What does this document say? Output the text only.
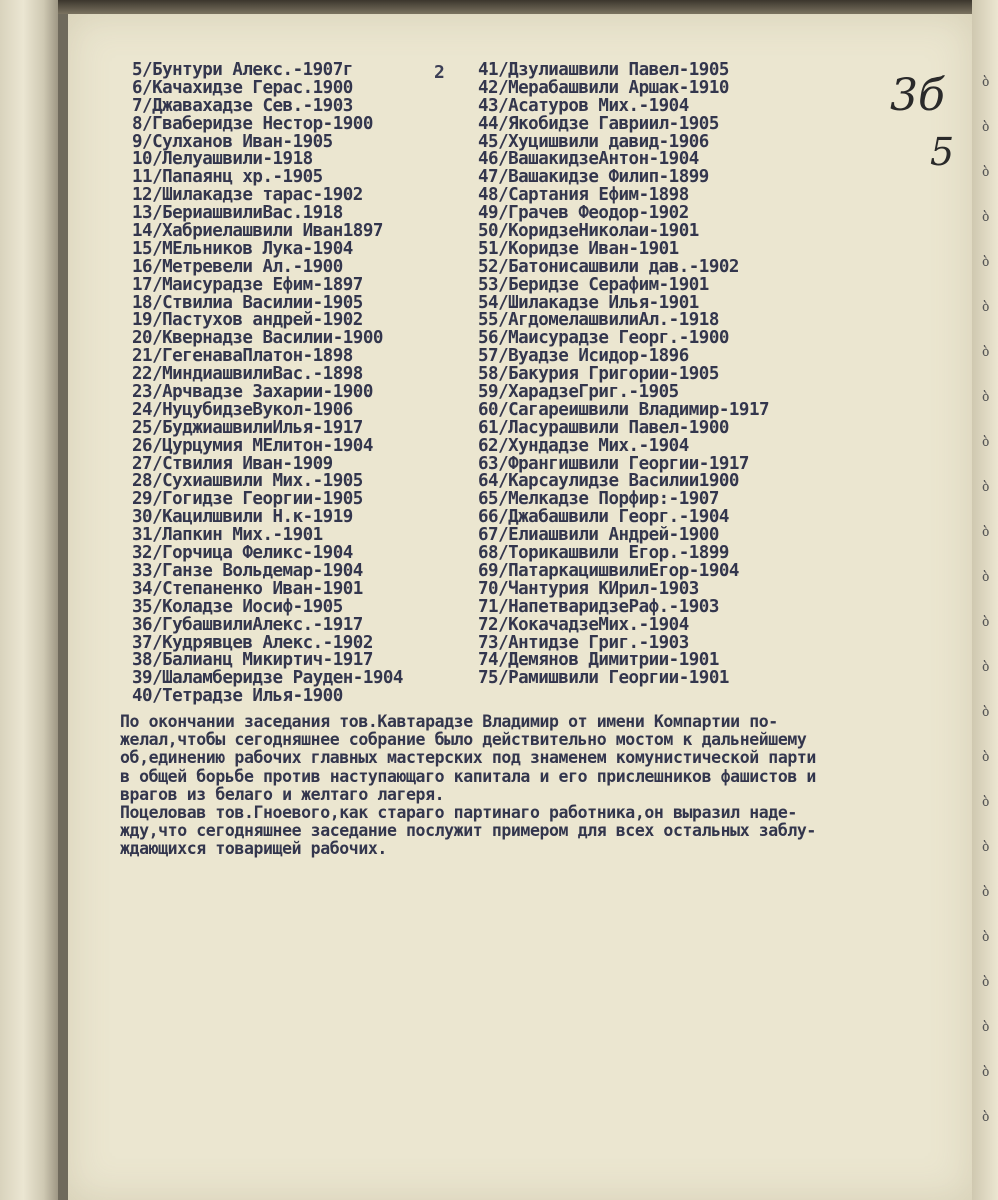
ბ
ბ
ბ
ბ
ბ
ბ
ბ
ბ
ბ
ბ
ბ
ბ
ბ
ბ
ბ
ბ
ბ
ბ
ბ
ბ
ბ
ბ
ბ
ბ
2	3б
5
5/Бунтури Алекс.-1907г
6/Качахидзе Герас.1900
7/Джавахадзе Сев.-1903
8/Гваберидзе Нестор-1900
9/Сулханов Иван-1905
10/Лелуашвили-1918
11/Папаянц хр.-1905
12/Шилакадзе тарас-1902
13/БериашвилиВас.1918
14/Хабриелашвили Иван1897
15/МЕльников Лука-1904
16/Метревели Ал.-1900
17/Маисурадзе Ефим-1897
18/Ствилиа Василии-1905
19/Пастухов андрей-1902
20/Квернадзе Василии-1900
21/ГегенаваПлатон-1898
22/МиндиашвилиВас.-1898
23/Арчвадзе Захарии-1900
24/НуцубидзеВукол-1906
25/БуджиашвилиИлья-1917
26/Цурцумия МЕлитон-1904
27/Ствилия Иван-1909
28/Сухиашвили Мих.-1905
29/Гогидзе Георгии-1905
30/Кацилшвили Н.к-1919
31/Лапкин Мих.-1901
32/Горчица Феликс-1904
33/Ганзе Вольдемар-1904
34/Степаненко Иван-1901
35/Коладзе Иосиф-1905
36/ГубашвилиАлекс.-1917
37/Кудрявцев Алекс.-1902
38/Балианц Микиртич-1917
39/Шаламберидзе Рауден-1904
40/Тетрадзе Илья-1900
41/Дзулиашвили Павел-1905
42/Мерабашвили Аршак-1910
43/Асатуров Мих.-1904
44/Якобидзе Гавриил-1905
45/Хуцишвили давид-1906
46/ВашакидзеАнтон-1904
47/Вашакидзе Филип-1899
48/Сартания Ефим-1898
49/Грачев Феодор-1902
50/КоридзеНиколаи-1901
51/Коридзе Иван-1901
52/Батонисашвили дав.-1902
53/Беридзе Серафим-1901
54/Шилакадзе Илья-1901
55/АгдомелашвилиАл.-1918
56/Маисурадзе Георг.-1900
57/Вуадзе Исидор-1896
58/Бакурия Григории-1905
59/ХарадзеГриг.-1905
60/Сагареишвили Владимир-1917
61/Ласурашвили Павел-1900
62/Хундадзе Мих.-1904
63/Франгишвили Георгии-1917
64/Карсаулидзе Василии1900
65/Мелкадзе Порфир:-1907
66/Джабашвили Георг.-1904
67/Елиашвили Андрей-1900
68/Торикашвили Егор.-1899
69/ПатаркацишвилиЕгор-1904
70/Чантурия КИрил-1903
71/НапетваридзеРаф.-1903
72/КокачадзеМих.-1904
73/Антидзе Григ.-1903
74/Демянов Димитрии-1901
75/Рамишвили Георгии-1901

По окончании заседания тов.Кавтарадзе Владимир от имени Компартии по-
желал,чтобы сегодняшнее собрание было действительно мостом к дальнейшему
об,единению рабочих главных мастерских под знаменем комунистической парти
в общей борьбе против наступающаго капитала и его прислешников фашистов и
врагов из белаго и желтаго лагеря.

Поцеловав тов.Гноевого,как стараго партинаго работника,он выразил наде-
жду,что сегодняшнее заседание послужит примером для всех остальных заблу-
ждающихся товарищей рабочих.
